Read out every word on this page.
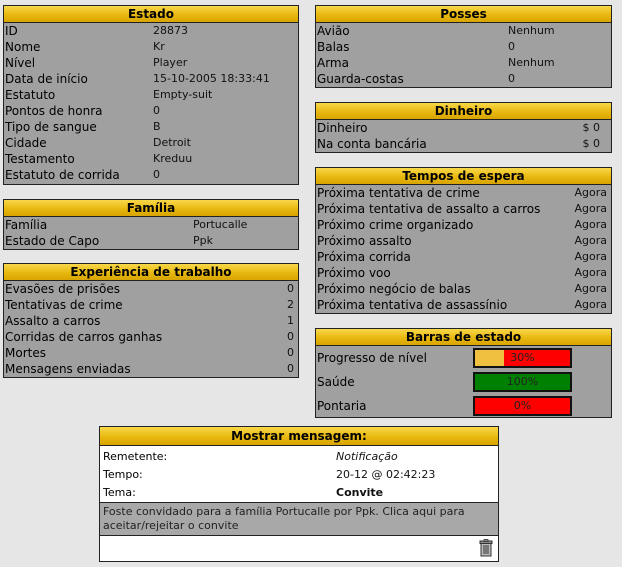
Estado
ID	28873
Nome	Kr
Nível	Player
Data de início	15-10-2005 18:33:41
Estatuto	Empty-suit
Pontos de honra	0
Tipo de sangue	B
Cidade	Detroit
Testamento	Kreduu
Estatuto de corrida	0
Família
Família	Portucalle
Estado de Capo	Ppk
Experiência de trabalho
Evasões de prisões	0
Tentativas de crime	2
Assalto a carros	1
Corridas de carros ganhas	0
Mortes	0
Mensagens enviadas	0
Posses
Avião	Nenhum
Balas	0
Arma	Nenhum
Guarda-costas	0
Dinheiro
Dinheiro	$ 0
Na conta bancária	$ 0
Tempos de espera
Próxima tentativa de crime	Agora
Próxima tentativa de assalto a carros	Agora
Próximo crime organizado	Agora
Próximo assalto	Agora
Próxima corrida	Agora
Próximo voo	Agora
Próximo negócio de balas	Agora
Próxima tentativa de assassínio	Agora
Barras de estado
Progresso de nível	30%
Saúde	100%
Pontaria	0%
Mostrar mensagem:
Remetente:	Notificação
Tempo:	20-12 @ 02:42:23
Tema:	Convite
Foste convidado para a família Portucalle por Ppk. Clica aqui para aceitar/rejeitar o convite
